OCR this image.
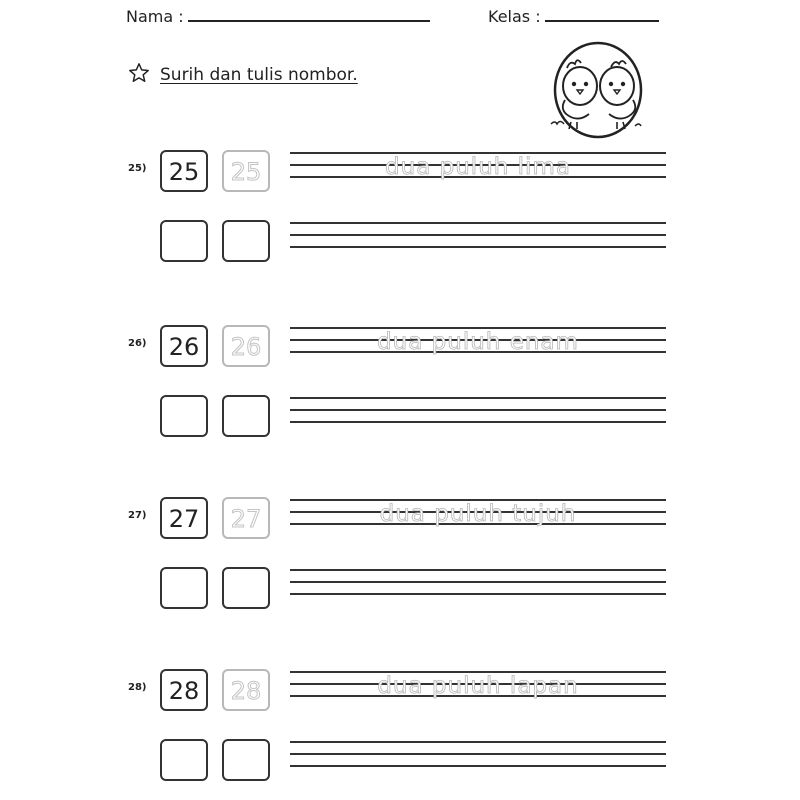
Nama :	Kelas :
Surih dan tulis nombor.
25) 25	25	dua puluh lima
26) 26	26	dua puluh enam
27) 27	27	dua puluh tujuh
28) 28	28	dua puluh lapan
